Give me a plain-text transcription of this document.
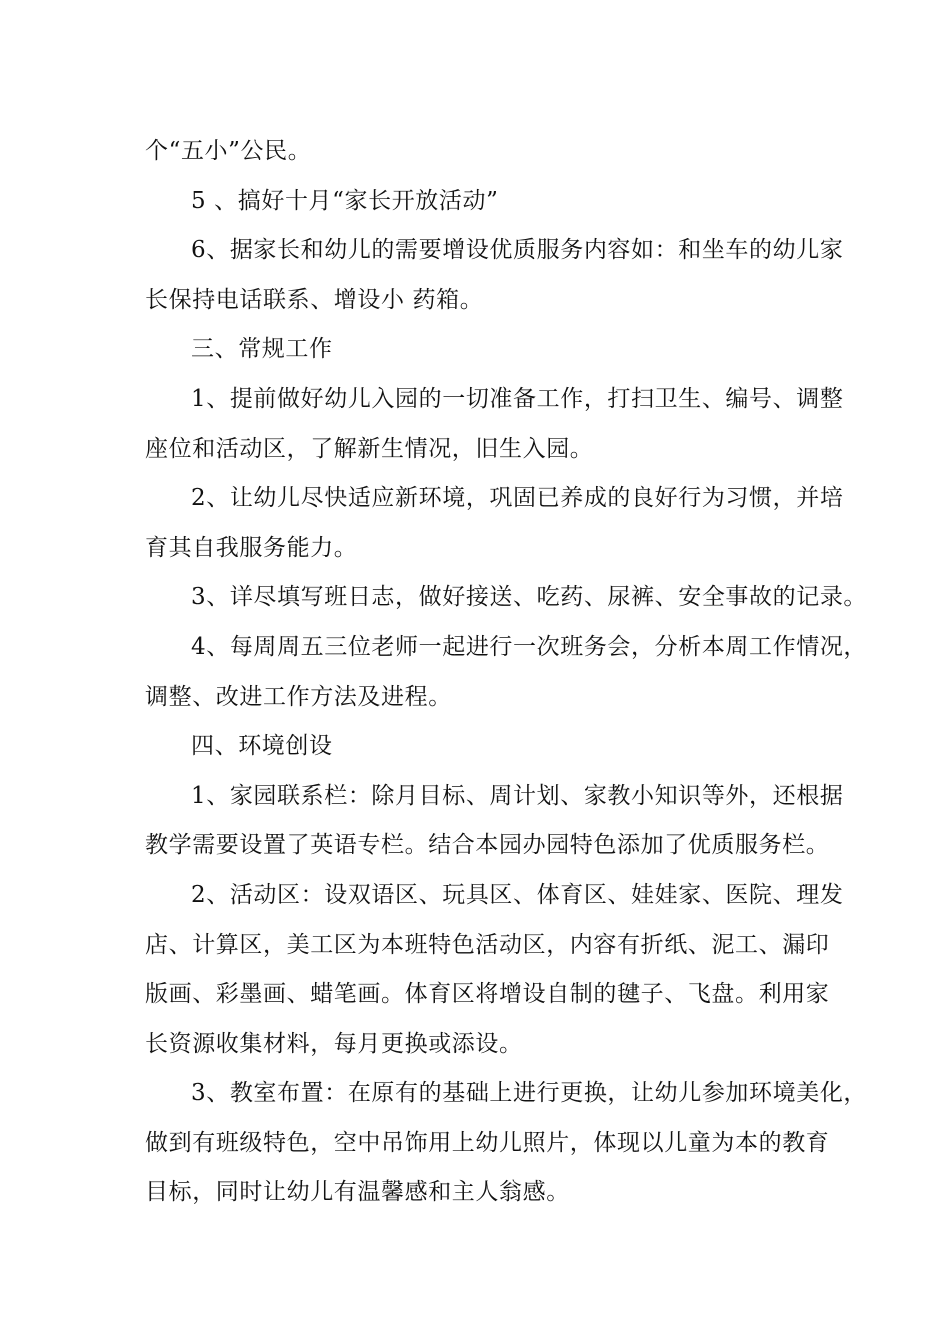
个“五小”公民。
5 、搞好十月“家长开放活动”
6、据家长和幼儿的需要增设优质服务内容如：和坐车的幼儿家
长保持电话联系、增设小 药箱。
三、常规工作
1、提前做好幼儿入园的一切准备工作，打扫卫生、编号、调整
座位和活动区，了解新生情况，旧生入园。
2、让幼儿尽快适应新环境，巩固已养成的良好行为习惯，并培
育其自我服务能力。
3、详尽填写班日志，做好接送、吃药、尿裤、安全事故的记录。
4、每周周五三位老师一起进行一次班务会，分析本周工作情况，
调整、改进工作方法及进程。
四、环境创设
1、家园联系栏：除月目标、周计划、家教小知识等外，还根据
教学需要设置了英语专栏。结合本园办园特色添加了优质服务栏。
2、活动区：设双语区、玩具区、体育区、娃娃家、医院、理发
店、计算区，美工区为本班特色活动区，内容有折纸、泥工、漏印
版画、彩墨画、蜡笔画。体育区将增设自制的毽子、飞盘。利用家
长资源收集材料，每月更换或添设。
3、教室布置：在原有的基础上进行更换，让幼儿参加环境美化，
做到有班级特色，空中吊饰用上幼儿照片，体现以儿童为本的教育
目标，同时让幼儿有温馨感和主人翁感。
